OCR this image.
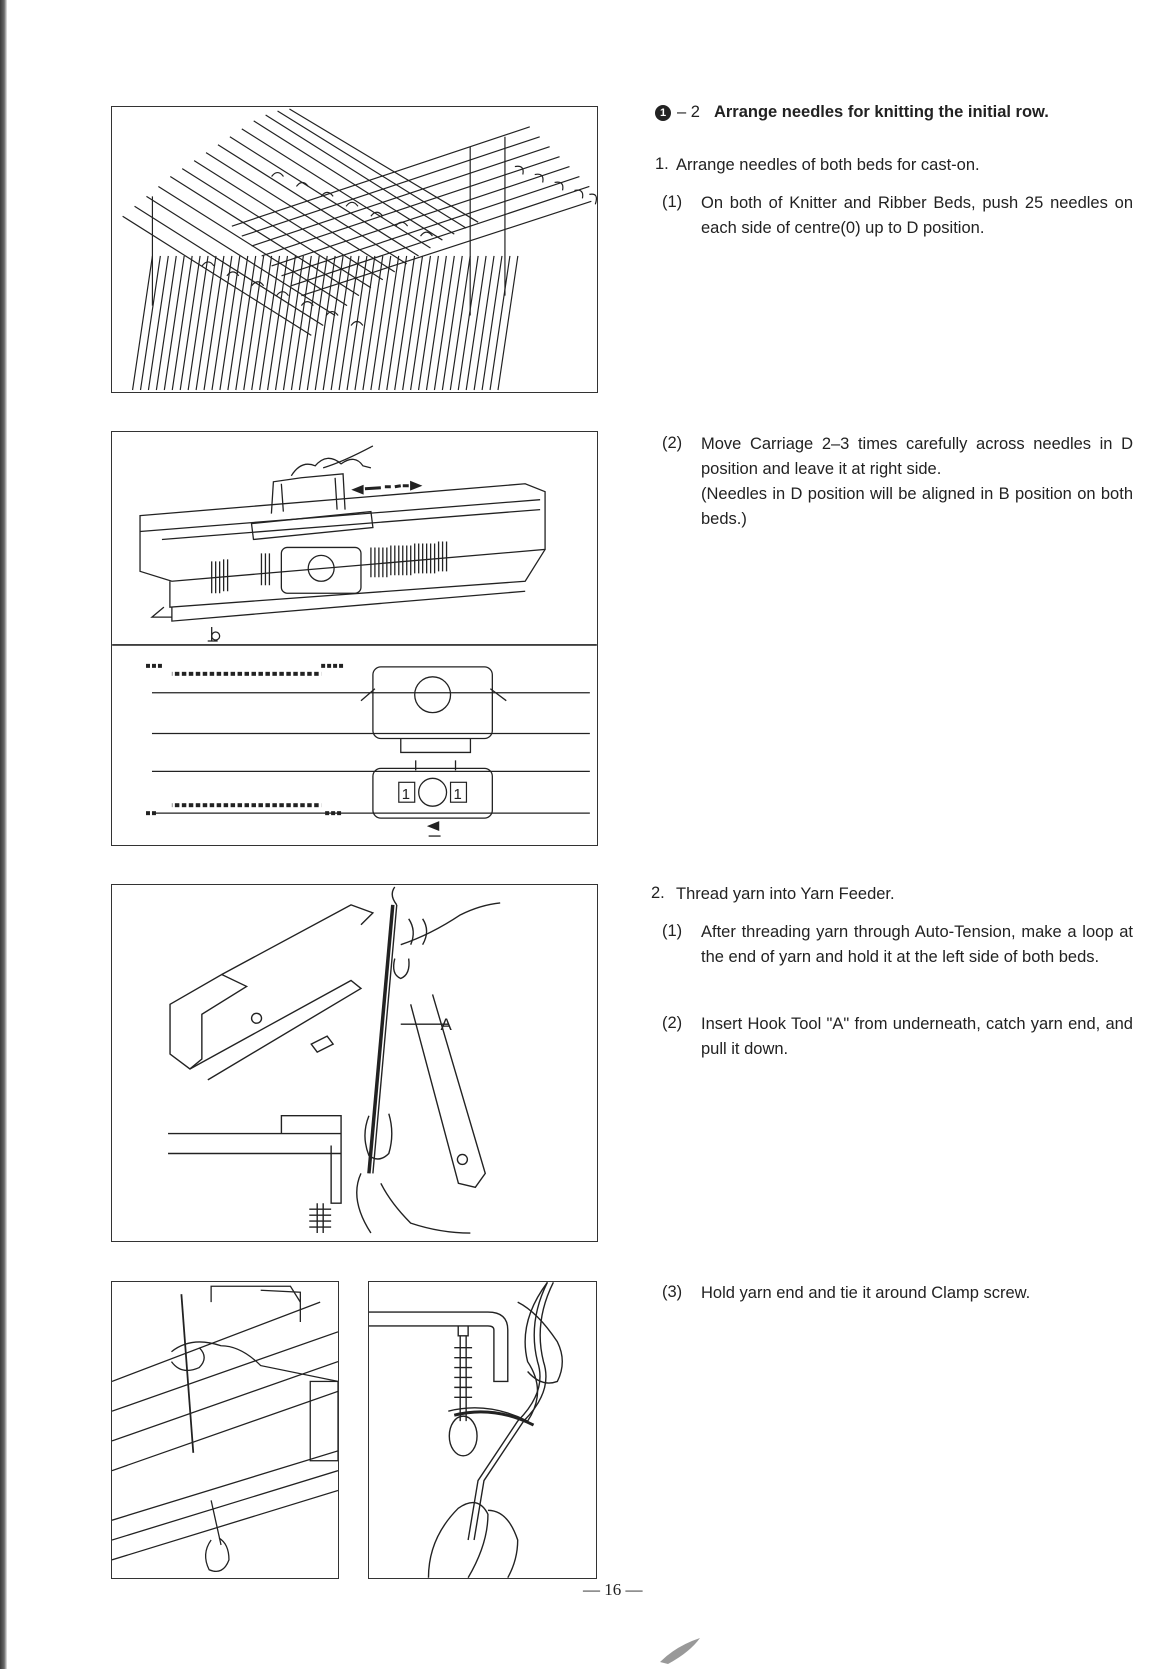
1	1
A
1 – 2 Arrange needles for knitting the initial row.
1. Arrange needles of both beds for cast-on.
(1) On both of Knitter and Ribber Beds, push 25 needles on each side of centre(0) up to D position.
(2) Move Carriage 2–3 times carefully across needles in D position and leave it at right side.
(Needles in D position will be aligned in B position on both beds.)
2. Thread yarn into Yarn Feeder.
(1) After threading yarn through Auto-Tension, make a loop at the end of yarn and hold it at the left side of both beds.
(2) Insert Hook Tool "A" from underneath, catch yarn end, and pull it down.
(3) Hold yarn end and tie it around Clamp screw.
— 16 —
